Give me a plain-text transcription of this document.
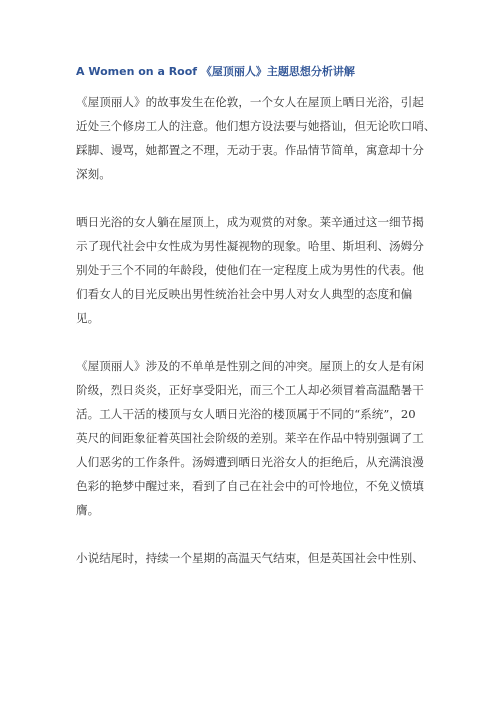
A Women on a Roof 《屋顶丽人》主题思想分析讲解

《屋顶丽人》的故事发生在伦敦，一个女人在屋顶上晒日光浴，引起
近处三个修房工人的注意。他们想方设法要与她搭讪，但无论吹口哨、
踩脚、谩骂，她都置之不理，无动于衷。作品情节简单，寓意却十分
深刻。

晒日光浴的女人躺在屋顶上，成为观赏的对象。莱辛通过这一细节揭
示了现代社会中女性成为男性凝视物的现象。哈里、斯坦利、汤姆分
别处于三个不同的年龄段，使他们在一定程度上成为男性的代表。他
们看女人的目光反映出男性统治社会中男人对女人典型的态度和偏
见。

《屋顶丽人》涉及的不单单是性别之间的冲突。屋顶上的女人是有闲
阶级，烈日炎炎，正好享受阳光，而三个工人却必须冒着高温酷暑干
活。工人干活的楼顶与女人晒日光浴的楼顶属于不同的“系统”，20
英尺的间距象征着英国社会阶级的差别。莱辛在作品中特别强调了工
人们恶劣的工作条件。汤姆遭到晒日光浴女人的拒绝后，从充满浪漫
色彩的艳梦中醒过来，看到了自己在社会中的可怜地位，不免义愤填
膺。

小说结尾时，持续一个星期的高温天气结束，但是英国社会中性别、
